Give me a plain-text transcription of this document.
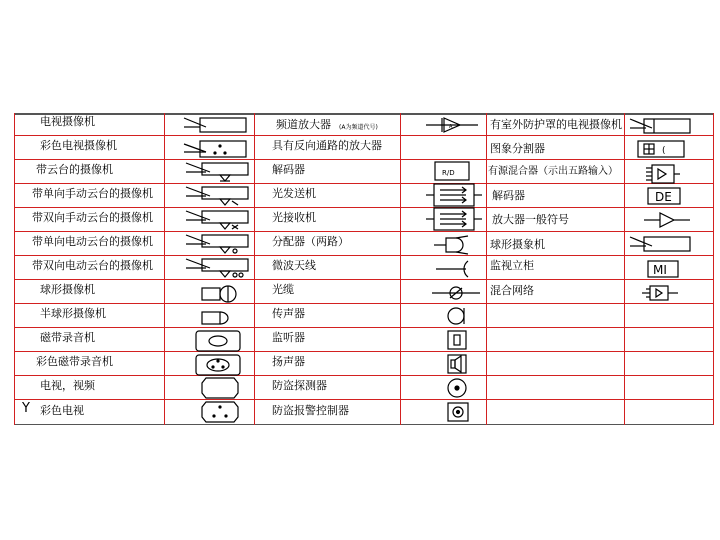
电视摄像机
彩色电视摄像机
带云台的摄像机
带单向手动云台的摄像机
带双向手动云台的摄像机
带单向电动云台的摄像机
带双向电动云台的摄像机
球形摄像机
半球形摄像机
磁带录音机
彩色磁带录音机
电视，视频
彩色电视
Y
频道放大器 (A为频道代号)
具有反向通路的放大器
解码器
光发送机
光接收机
分配器（两路）
微波天线
光缆
传声器
监听器
扬声器
防盗探测器
防盗报警控制器
A
R/D
有室外防护罩的电视摄像机
图象分割器
有源混合器（示出五路输入）
解码器
放大器一般符号
球形摄象机
监视立柜
混合网络
(
DE
MI
